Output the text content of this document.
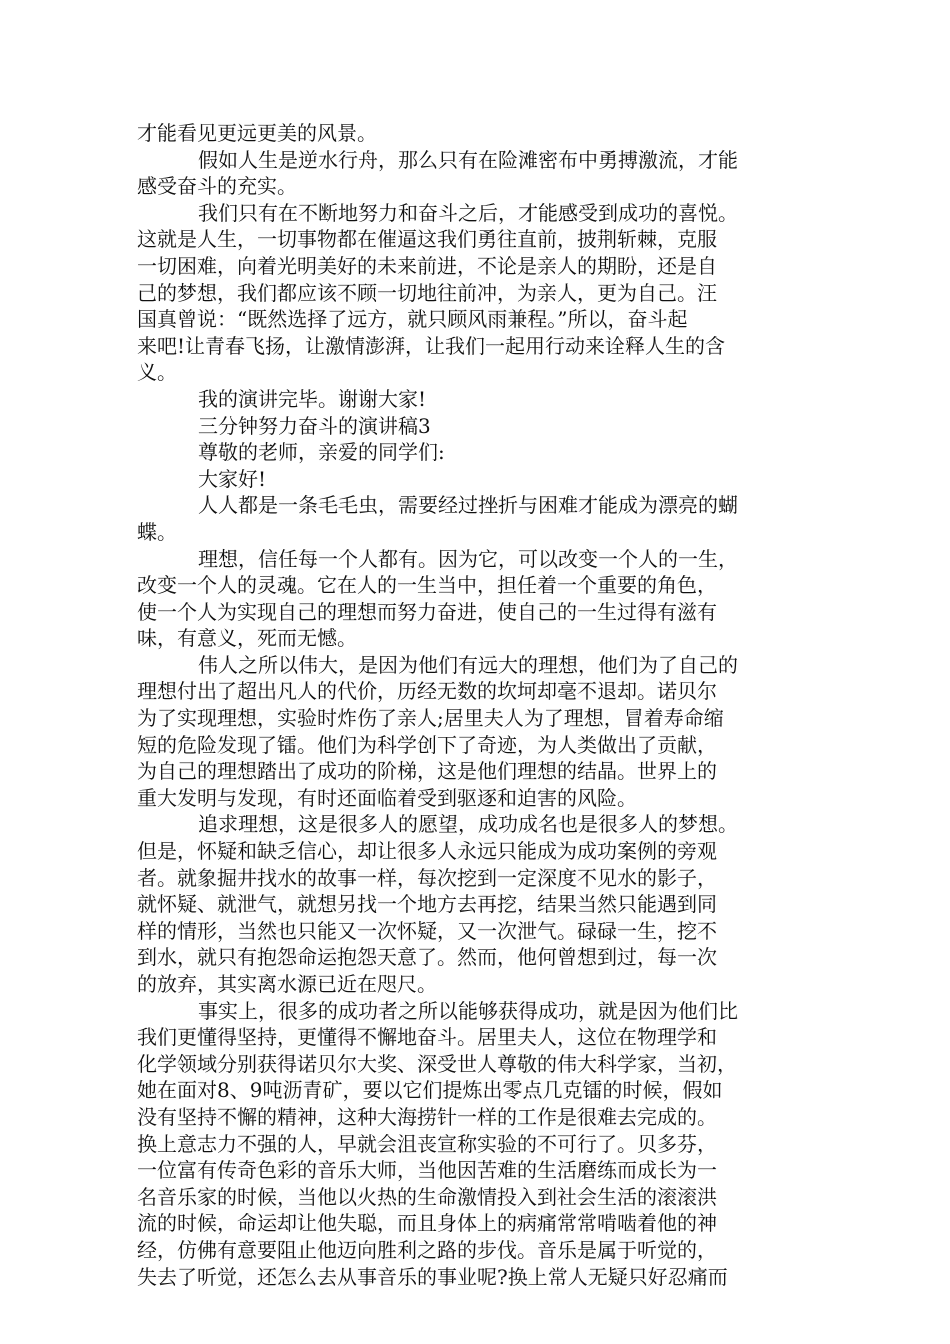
才能看见更远更美的风景。
假如人生是逆水行舟，那么只有在险滩密布中勇搏激流，才能
感受奋斗的充实。
我们只有在不断地努力和奋斗之后，才能感受到成功的喜悦。
这就是人生，一切事物都在催逼这我们勇往直前，披荆斩棘，克服
一切困难，向着光明美好的未来前进，不论是亲人的期盼，还是自
己的梦想，我们都应该不顾一切地往前冲，为亲人，更为自己。汪
国真曾说：“既然选择了远方，就只顾风雨兼程。”所以，奋斗起
来吧!让青春飞扬，让激情澎湃，让我们一起用行动来诠释人生的含
义。
我的演讲完毕。谢谢大家!
三分钟努力奋斗的演讲稿3
尊敬的老师，亲爱的同学们:
大家好!
人人都是一条毛毛虫，需要经过挫折与困难才能成为漂亮的蝴
蝶。
理想，信任每一个人都有。因为它，可以改变一个人的一生，
改变一个人的灵魂。它在人的一生当中，担任着一个重要的角色，
使一个人为实现自己的理想而努力奋进，使自己的一生过得有滋有
味，有意义，死而无憾。
伟人之所以伟大，是因为他们有远大的理想，他们为了自己的
理想付出了超出凡人的代价，历经无数的坎坷却毫不退却。诺贝尔
为了实现理想，实验时炸伤了亲人;居里夫人为了理想，冒着寿命缩
短的危险发现了镭。他们为科学创下了奇迹，为人类做出了贡献，
为自己的理想踏出了成功的阶梯，这是他们理想的结晶。世界上的
重大发明与发现，有时还面临着受到驱逐和迫害的风险。
追求理想，这是很多人的愿望，成功成名也是很多人的梦想。
但是，怀疑和缺乏信心，却让很多人永远只能成为成功案例的旁观
者。就象掘井找水的故事一样，每次挖到一定深度不见水的影子，
就怀疑、就泄气，就想另找一个地方去再挖，结果当然只能遇到同
样的情形，当然也只能又一次怀疑，又一次泄气。碌碌一生，挖不
到水，就只有抱怨命运抱怨天意了。然而，他何曾想到过，每一次
的放弃，其实离水源已近在咫尺。
事实上，很多的成功者之所以能够获得成功，就是因为他们比
我们更懂得坚持，更懂得不懈地奋斗。居里夫人，这位在物理学和
化学领域分别获得诺贝尔大奖、深受世人尊敬的伟大科学家，当初，
她在面对8、9吨沥青矿，要以它们提炼出零点几克镭的时候，假如
没有坚持不懈的精神，这种大海捞针一样的工作是很难去完成的。
换上意志力不强的人，早就会沮丧宣称实验的不可行了。贝多芬，
一位富有传奇色彩的音乐大师，当他因苦难的生活磨练而成长为一
名音乐家的时候，当他以火热的生命激情投入到社会生活的滚滚洪
流的时候，命运却让他失聪，而且身体上的病痛常常啃啮着他的神
经，仿佛有意要阻止他迈向胜利之路的步伐。音乐是属于听觉的，
失去了听觉，还怎么去从事音乐的事业呢?换上常人无疑只好忍痛而
